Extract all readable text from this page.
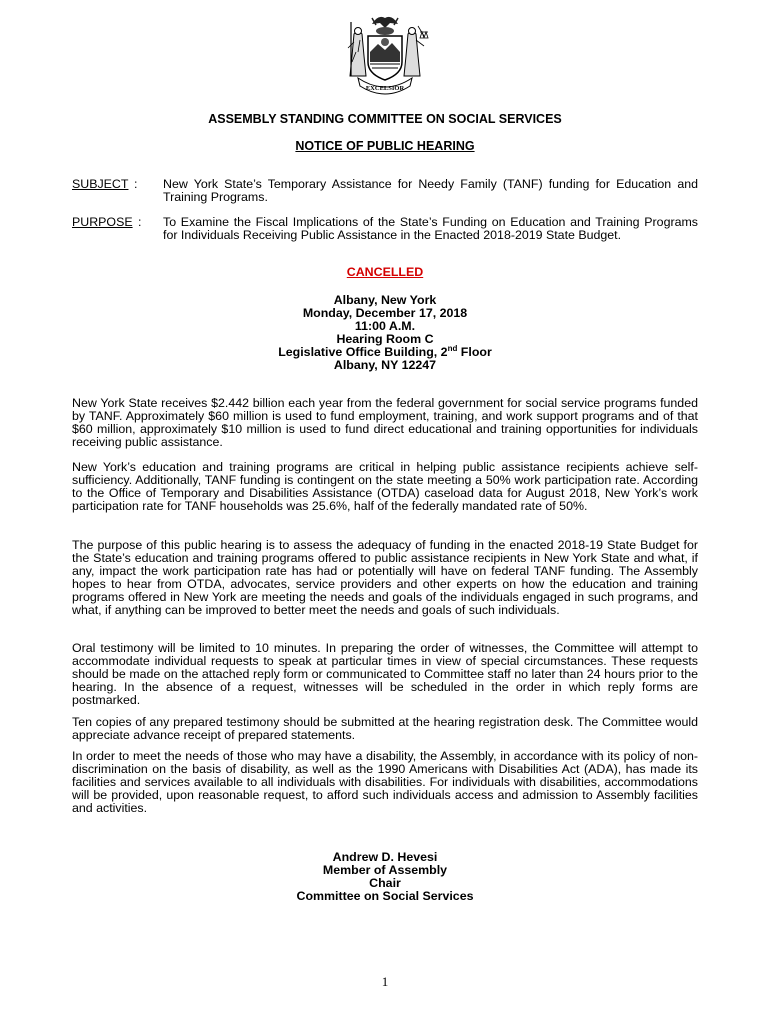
EXCELSIOR
ASSEMBLY STANDING COMMITTEE ON SOCIAL SERVICES
NOTICE OF PUBLIC HEARING
SUBJECT : New York State’s Temporary Assistance for Needy Family (TANF) funding for Education and Training Programs.
PURPOSE : To Examine the Fiscal Implications of the State’s Funding on Education and Training Programs for Individuals Receiving Public Assistance in the Enacted 2018-2019 State Budget.
CANCELLED
Albany, New York
Monday, December 17, 2018
11:00 A.M.
Hearing Room C
Legislative Office Building, 2nd Floor
Albany, NY 12247
New York State receives $2.442 billion each year from the federal government for social service programs funded by TANF. Approximately $60 million is used to fund employment, training, and work support programs and of that $60 million, approximately $10 million is used to fund direct educational and training opportunities for individuals receiving public assistance.
New York’s education and training programs are critical in helping public assistance recipients achieve self-sufficiency. Additionally, TANF funding is contingent on the state meeting a 50% work participation rate. According to the Office of Temporary and Disabilities Assistance (OTDA) caseload data for August 2018, New York’s work participation rate for TANF households was 25.6%, half of the federally mandated rate of 50%.
The purpose of this public hearing is to assess the adequacy of funding in the enacted 2018-19 State Budget for the State’s education and training programs offered to public assistance recipients in New York State and what, if any, impact the work participation rate has had or potentially will have on federal TANF funding. The Assembly hopes to hear from OTDA, advocates, service providers and other experts on how the education and training programs offered in New York are meeting the needs and goals of the individuals engaged in such programs, and what, if anything can be improved to better meet the needs and goals of such individuals.
Oral testimony will be limited to 10 minutes. In preparing the order of witnesses, the Committee will attempt to accommodate individual requests to speak at particular times in view of special circumstances. These requests should be made on the attached reply form or communicated to Committee staff no later than 24 hours prior to the hearing. In the absence of a request, witnesses will be scheduled in the order in which reply forms are postmarked.
Ten copies of any prepared testimony should be submitted at the hearing registration desk. The Committee would appreciate advance receipt of prepared statements.
In order to meet the needs of those who may have a disability, the Assembly, in accordance with its policy of non-discrimination on the basis of disability, as well as the 1990 Americans with Disabilities Act (ADA), has made its facilities and services available to all individuals with disabilities. For individuals with disabilities, accommodations will be provided, upon reasonable request, to afford such individuals access and admission to Assembly facilities and activities.
Andrew D. Hevesi
Member of Assembly
Chair
Committee on Social Services
1
